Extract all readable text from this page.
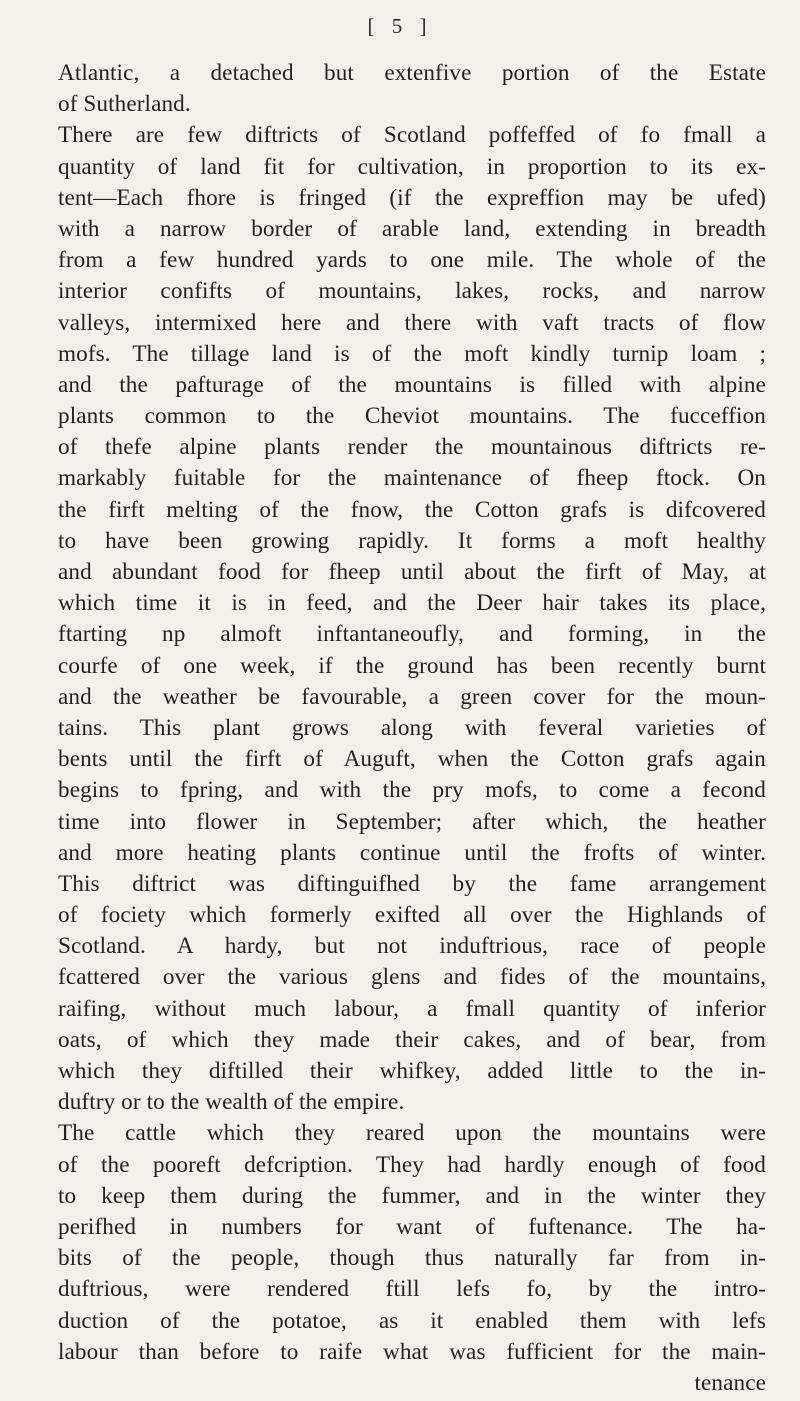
[ 5 ]
Atlantic, a detached but extenfive portion of the Estate
of Sutherland.
There are few diftricts of Scotland poffeffed of fo fmall a
quantity of land fit for cultivation, in proportion to its ex-
tent—Each fhore is fringed (if the expreffion may be ufed)
with a narrow border of arable land, extending in breadth
from a few hundred yards to one mile. The whole of the
interior confifts of mountains, lakes, rocks, and narrow
valleys, intermixed here and there with vaft tracts of flow
mofs. The tillage land is of the moft kindly turnip loam ;
and the pafturage of the mountains is filled with alpine
plants common to the Cheviot mountains. The fucceffion
of thefe alpine plants render the mountainous diftricts re-
markably fuitable for the maintenance of fheep ftock. On
the firft melting of the fnow, the Cotton grafs is difcovered
to have been growing rapidly. It forms a moft healthy
and abundant food for fheep until about the firft of May, at
which time it is in feed, and the Deer hair takes its place,
ftarting np almoft inftantaneoufly, and forming, in the
courfe of one week, if the ground has been recently burnt
and the weather be favourable, a green cover for the moun-
tains. This plant grows along with feveral varieties of
bents until the firft of Auguft, when the Cotton grafs again
begins to fpring, and with the pry mofs, to come a fecond
time into flower in September; after which, the heather
and more heating plants continue until the frofts of winter.
This diftrict was diftinguifhed by the fame arrangement
of fociety which formerly exifted all over the Highlands of
Scotland. A hardy, but not induftrious, race of people
fcattered over the various glens and fides of the mountains,
raifing, without much labour, a fmall quantity of inferior
oats, of which they made their cakes, and of bear, from
which they diftilled their whifkey, added little to the in-
duftry or to the wealth of the empire.
The cattle which they reared upon the mountains were
of the pooreft defcription. They had hardly enough of food
to keep them during the fummer, and in the winter they
perifhed in numbers for want of fuftenance. The ha-
bits of the people, though thus naturally far from in-
duftrious, were rendered ftill lefs fo, by the intro-
duction of the potatoe, as it enabled them with lefs
labour than before to raife what was fufficient for the main-
tenance
